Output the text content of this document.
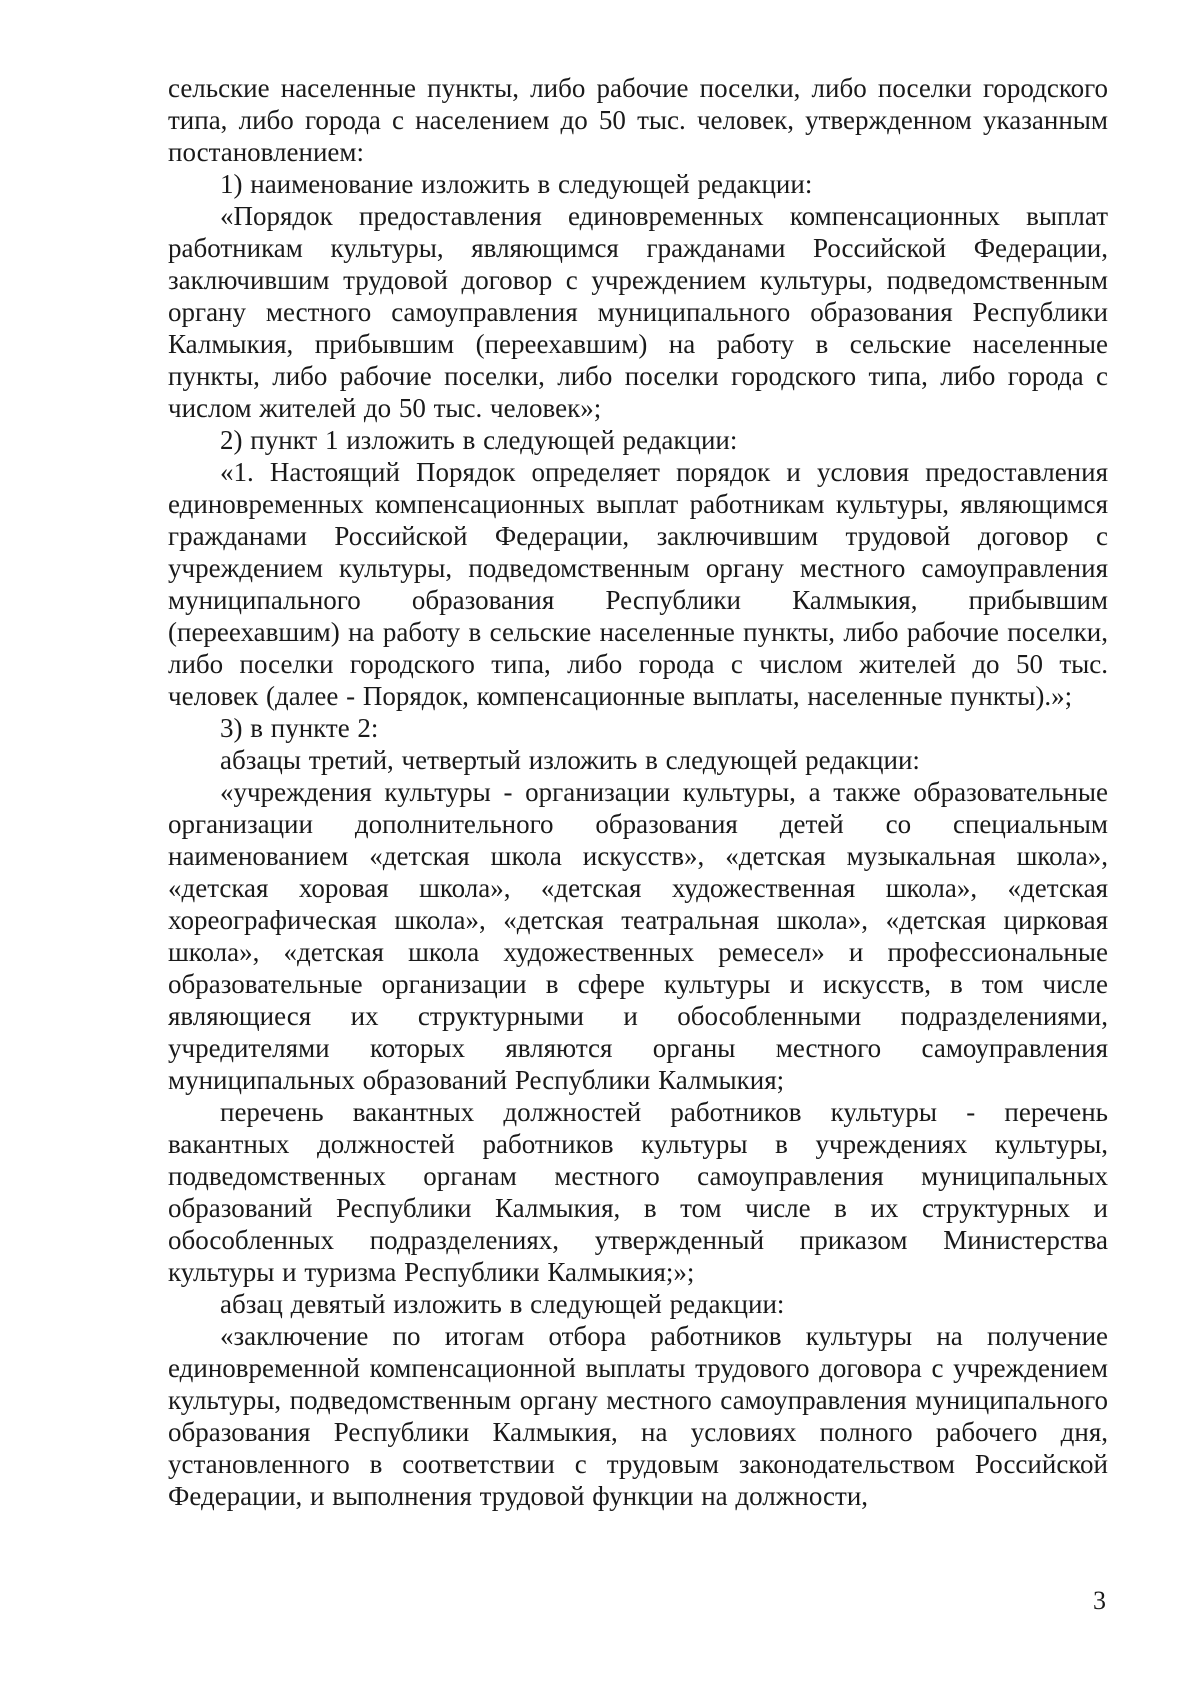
сельские населенные пункты, либо рабочие поселки, либо поселки городского типа, либо города с населением до 50 тыс. человек, утвержденном указанным постановлением:

1) наименование изложить в следующей редакции:

«Порядок предоставления единовременных компенсационных выплат работникам культуры, являющимся гражданами Российской Федерации, заключившим трудовой договор с учреждением культуры, подведомственным органу местного самоуправления муниципального образования Республики Калмыкия, прибывшим (переехавшим) на работу в сельские населенные пункты, либо рабочие поселки, либо поселки городского типа, либо города с числом жителей до 50 тыс. человек»;

2) пункт 1 изложить в следующей редакции:

«1. Настоящий Порядок определяет порядок и условия предоставления единовременных компенсационных выплат работникам культуры, являющимся гражданами Российской Федерации, заключившим трудовой договор с учреждением культуры, подведомственным органу местного самоуправления муниципального образования Республики Калмыкия, прибывшим (переехавшим) на работу в сельские населенные пункты, либо рабочие поселки, либо поселки городского типа, либо города с числом жителей до 50 тыс. человек (далее - Порядок, компенсационные выплаты, населенные пункты).»;

3) в пункте 2:

абзацы третий, четвертый изложить в следующей редакции:

«учреждения культуры - организации культуры, а также образовательные организации дополнительного образования детей со специальным наименованием «детская школа искусств», «детская музыкальная школа», «детская хоровая школа», «детская художественная школа», «детская хореографическая школа», «детская театральная школа», «детская цирковая школа», «детская школа художественных ремесел» и профессиональные образовательные организации в сфере культуры и искусств, в том числе являющиеся их структурными и обособленными подразделениями, учредителями которых являются органы местного самоуправления муниципальных образований Республики Калмыкия;

перечень вакантных должностей работников культуры - перечень вакантных должностей работников культуры в учреждениях культуры, подведомственных органам местного самоуправления муниципальных образований Республики Калмыкия, в том числе в их структурных и обособленных подразделениях, утвержденный приказом Министерства культуры и туризма Республики Калмыкия;»;

абзац девятый изложить в следующей редакции:

«заключение по итогам отбора работников культуры на получение единовременной компенсационной выплаты трудового договора с учреждением культуры, подведомственным органу местного самоуправления муниципального образования Республики Калмыкия, на условиях полного рабочего дня, установленного в соответствии с трудовым законодательством Российской Федерации, и выполнения трудовой функции на должности,

3
